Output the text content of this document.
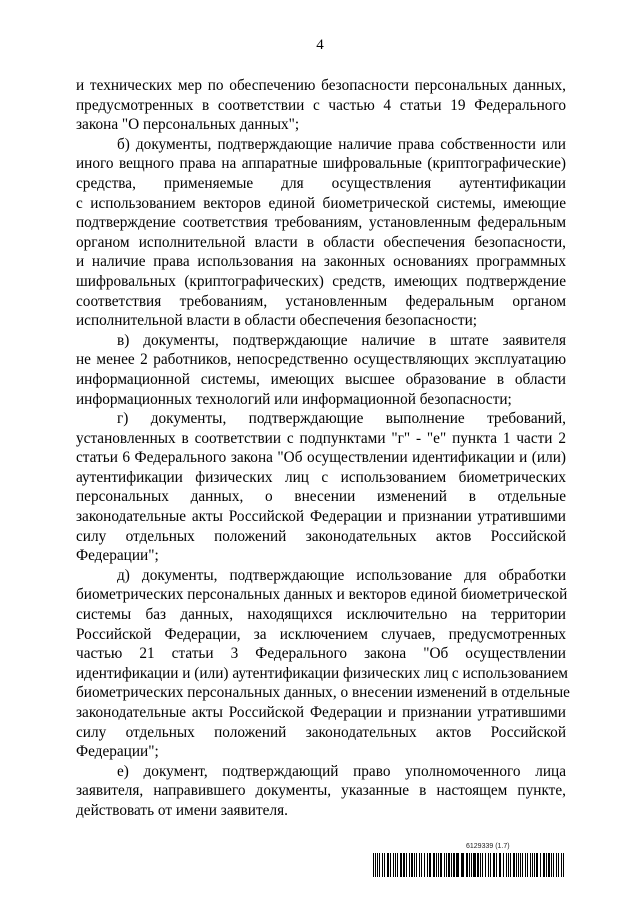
4
и технических мер по обеспечению безопасности персональных данных,
предусмотренных в соответствии с частью 4 статьи 19 Федерального
закона "О персональных данных";
б) документы, подтверждающие наличие права собственности или
иного вещного права на аппаратные шифровальные (криптографические)
средства, применяемые для осуществления аутентификации
с использованием векторов единой биометрической системы, имеющие
подтверждение соответствия требованиям, установленным федеральным
органом исполнительной власти в области обеспечения безопасности,
и наличие права использования на законных основаниях программных
шифровальных (криптографических) средств, имеющих подтверждение
соответствия требованиям, установленным федеральным органом
исполнительной власти в области обеспечения безопасности;
в) документы, подтверждающие наличие в штате заявителя
не менее 2 работников, непосредственно осуществляющих эксплуатацию
информационной системы, имеющих высшее образование в области
информационных технологий или информационной безопасности;
г) документы, подтверждающие выполнение требований,
установленных в соответствии с подпунктами "г" - "е" пункта 1 части 2
статьи 6 Федерального закона "Об осуществлении идентификации и (или)
аутентификации физических лиц с использованием биометрических
персональных данных, о внесении изменений в отдельные
законодательные акты Российской Федерации и признании утратившими
силу отдельных положений законодательных актов Российской
Федерации";
д) документы, подтверждающие использование для обработки
биометрических персональных данных и векторов единой биометрической
системы баз данных, находящихся исключительно на территории
Российской Федерации, за исключением случаев, предусмотренных
частью 21 статьи 3 Федерального закона "Об осуществлении
идентификации и (или) аутентификации физических лиц с использованием
биометрических персональных данных, о внесении изменений в отдельные
законодательные акты Российской Федерации и признании утратившими
силу отдельных положений законодательных актов Российской
Федерации";
е) документ, подтверждающий право уполномоченного лица
заявителя, направившего документы, указанные в настоящем пункте,
действовать от имени заявителя.
6129339 (1.7)
